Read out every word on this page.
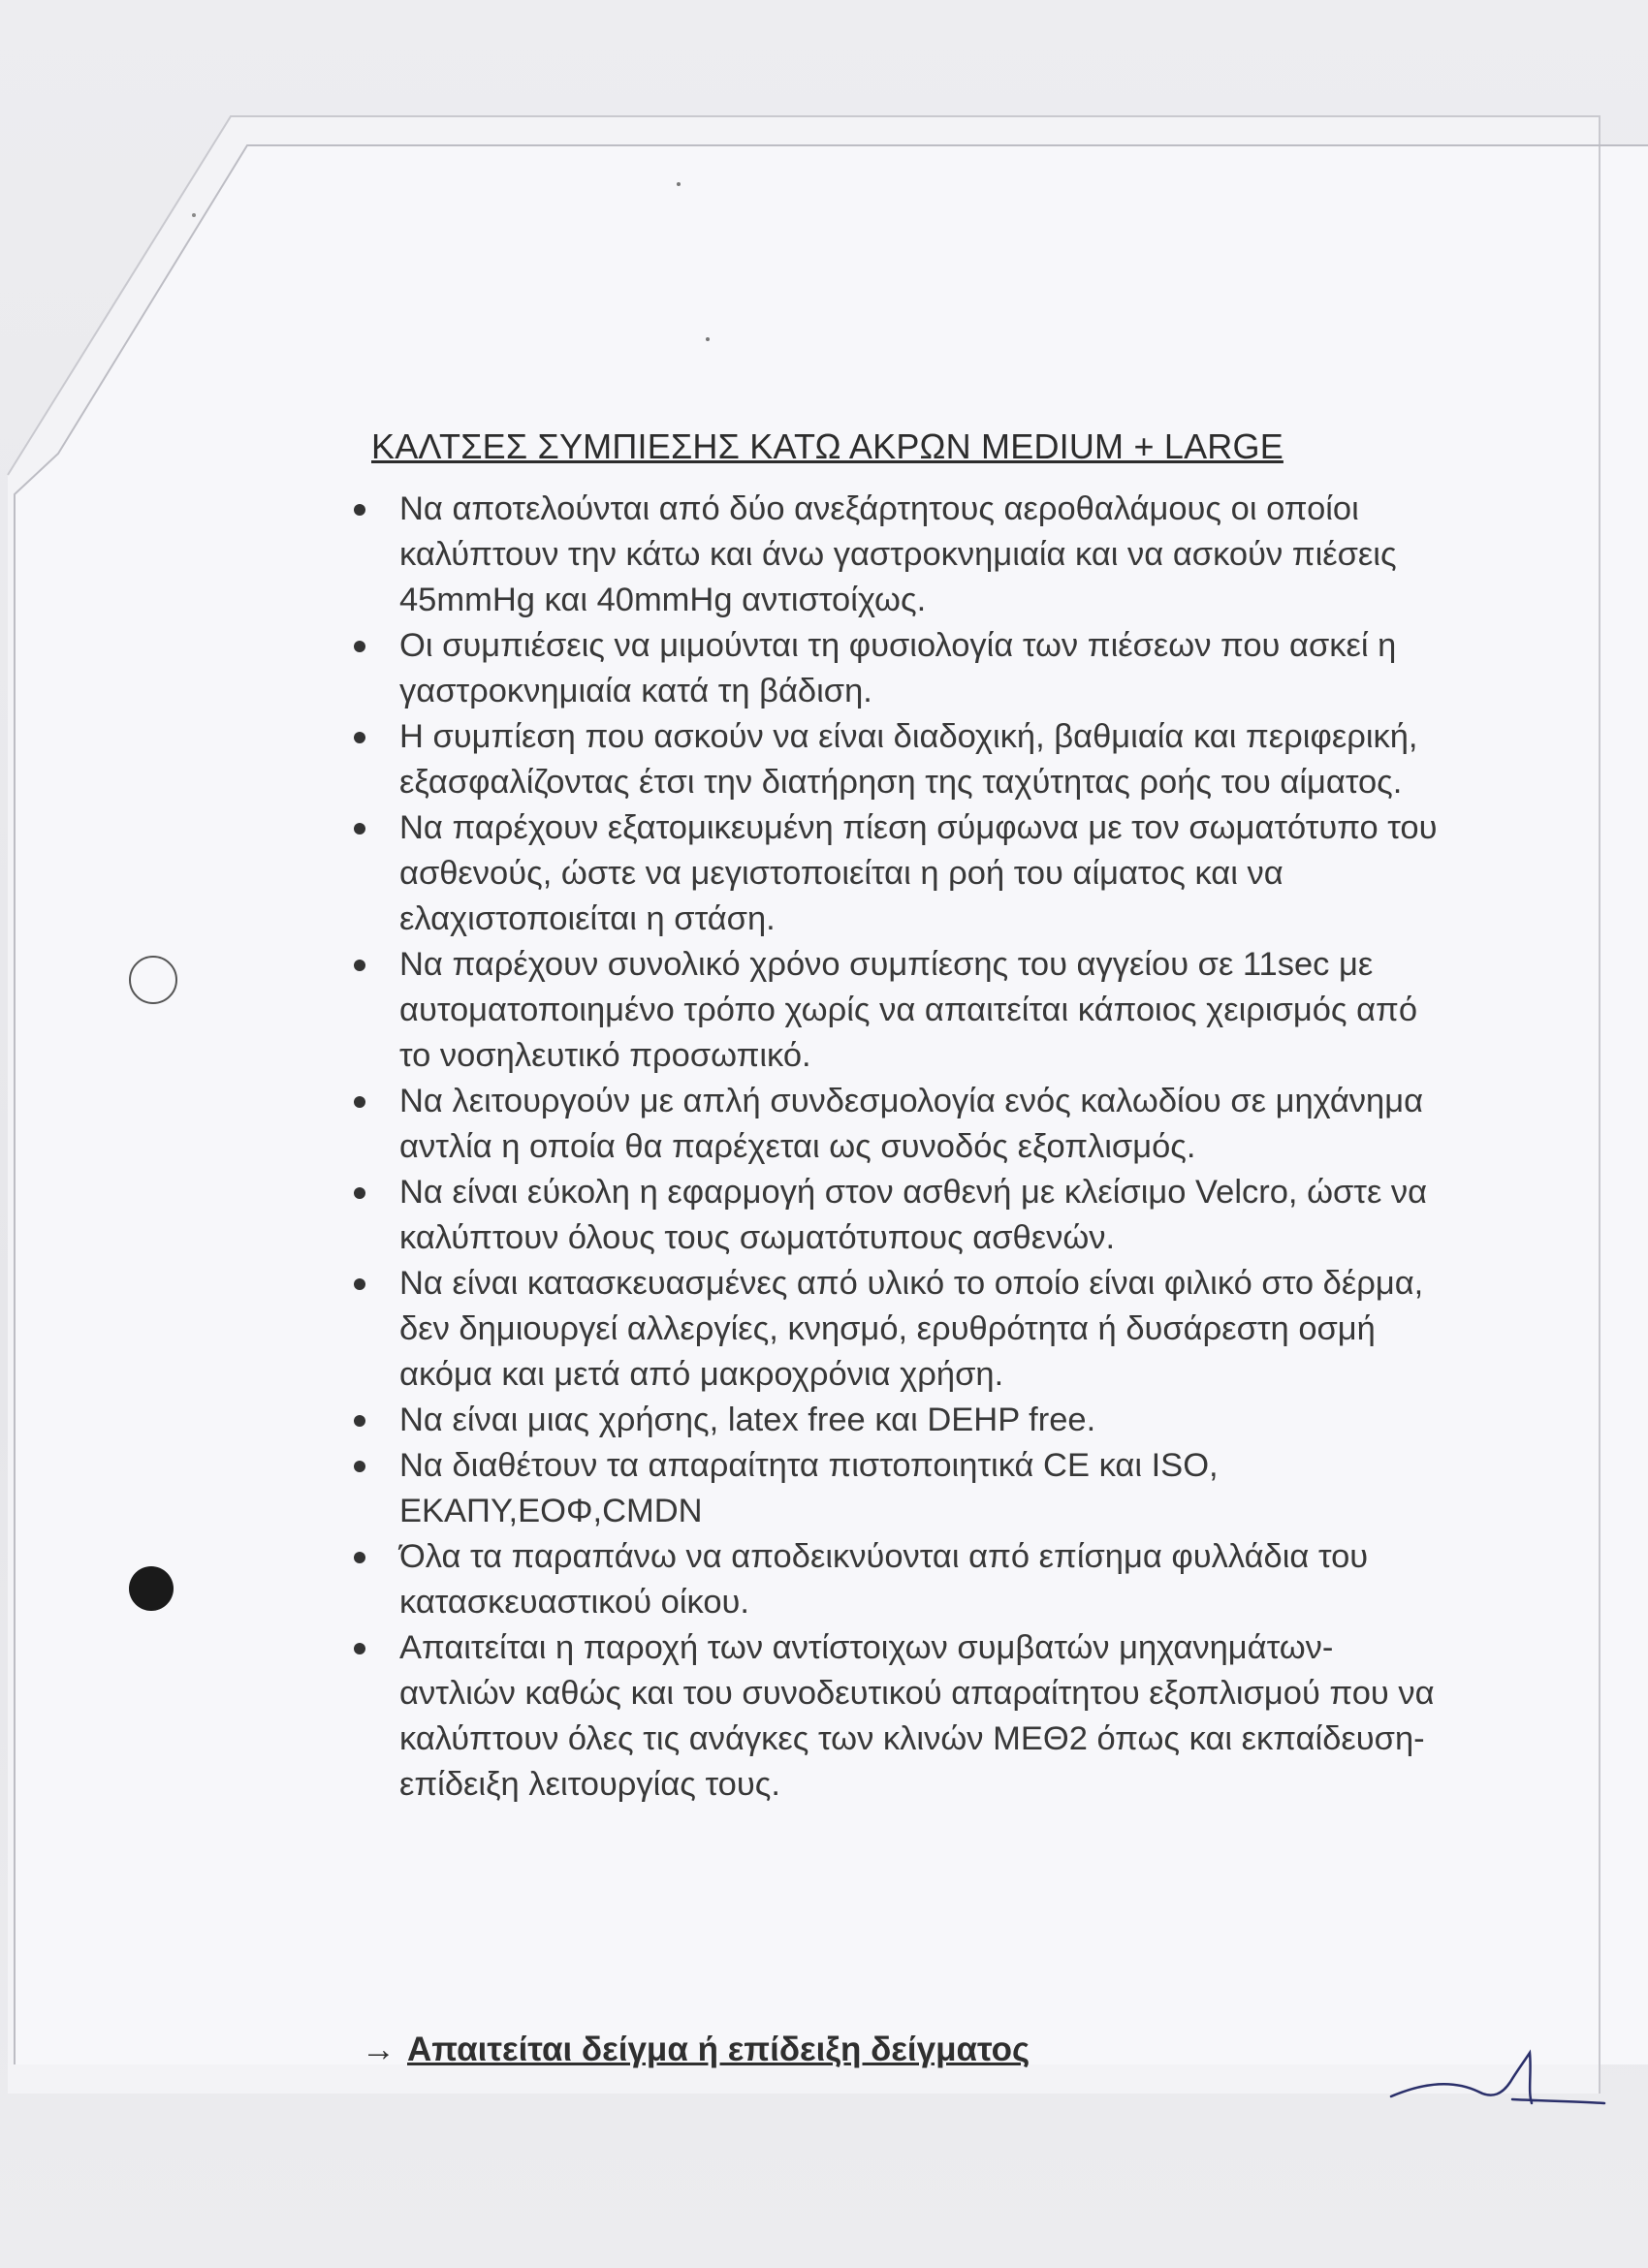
ΚΑΛΤΣΕΣ ΣΥΜΠΙΕΣΗΣ ΚΑΤΩ ΑΚΡΩΝ MEDIUM + LARGE
Να αποτελούνται από δύο ανεξάρτητους αεροθαλάμους οι οποίοι καλύπτουν την κάτω και άνω γαστροκνημιαία και να ασκούν πιέσεις 45mmHg και 40mmHg αντιστοίχως.
Οι συμπιέσεις να μιμούνται τη φυσιολογία των πιέσεων που ασκεί η γαστροκνημιαία κατά τη βάδιση.
Η συμπίεση που ασκούν να είναι διαδοχική, βαθμιαία και περιφερική, εξασφαλίζοντας έτσι την διατήρηση της ταχύτητας ροής του αίματος.
Να παρέχουν εξατομικευμένη πίεση σύμφωνα με τον σωματότυπο του ασθενούς, ώστε να μεγιστοποιείται η ροή του αίματος και να ελαχιστοποιείται η στάση.
Να παρέχουν συνολικό χρόνο συμπίεσης του αγγείου σε 11sec με αυτοματοποιημένο τρόπο χωρίς να απαιτείται κάποιος χειρισμός από το νοσηλευτικό προσωπικό.
Να λειτουργούν με απλή συνδεσμολογία ενός καλωδίου σε μηχάνημα αντλία η οποία θα παρέχεται ως συνοδός εξοπλισμός.
Να είναι εύκολη η εφαρμογή στον ασθενή με κλείσιμο Velcro, ώστε να καλύπτουν όλους τους σωματότυπους ασθενών.
Να είναι κατασκευασμένες από υλικό το οποίο είναι φιλικό στο δέρμα, δεν δημιουργεί αλλεργίες, κνησμό, ερυθρότητα ή δυσάρεστη οσμή ακόμα και μετά από μακροχρόνια χρήση.
Να είναι μιας χρήσης, latex free και DEHP free.
Να διαθέτουν τα απαραίτητα πιστοποιητικά CE και ISO, ΕΚΑΠΥ,ΕΟΦ,CMDN
Όλα τα παραπάνω να αποδεικνύονται από επίσημα φυλλάδια του κατασκευαστικού οίκου.
Απαιτείται η παροχή των αντίστοιχων συμβατών μηχανημάτων-αντλιών καθώς και του συνοδευτικού απαραίτητου εξοπλισμού που να καλύπτουν όλες τις ανάγκες των κλινών ΜΕΘ2 όπως και εκπαίδευση- επίδειξη λειτουργίας τους.
→ Απαιτείται δείγμα ή επίδειξη δείγματος
